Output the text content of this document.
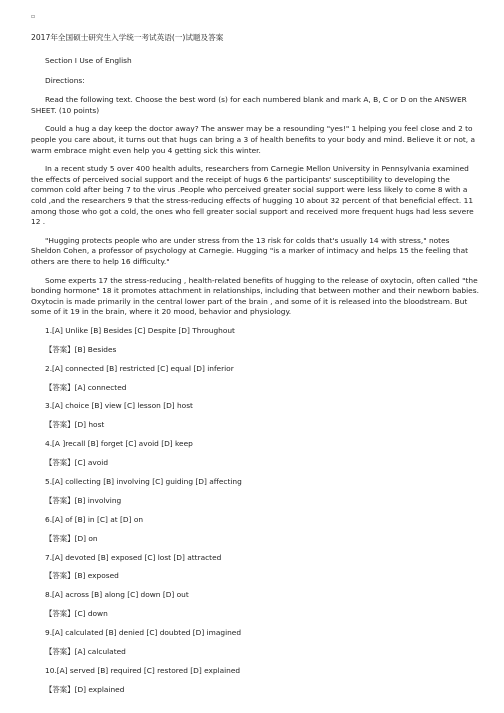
▫
2017年全国硕士研究生入学统一考试英语(一)试题及答案
Section I Use of English
Directions:
Read the following text. Choose the best word (s) for each numbered blank and mark A, B, C or D on the ANSWER SHEET. (10 points)
Could a hug a day keep the doctor away? The answer may be a resounding "yes!" 1 helping you feel close and 2 to people you care about, it turns out that hugs can bring a 3 of health benefits to your body and mind. Believe it or not, a warm embrace might even help you 4 getting sick this winter.
In a recent study 5 over 400 health adults, researchers from Carnegie Mellon University in Pennsylvania examined the effects of perceived social support and the receipt of hugs 6 the participants' susceptibility to developing the common cold after being 7 to the virus .People who perceived greater social support were less likely to come 8 with a cold ,and the researchers 9 that the stress-reducing effects of hugging 10 about 32 percent of that beneficial effect. 11 among those who got a cold, the ones who fell greater social support and received more frequent hugs had less severe 12 .
"Hugging protects people who are under stress from the 13 risk for colds that's usually 14 with stress," notes Sheldon Cohen, a professor of psychology at Carnegie. Hugging "is a marker of intimacy and helps 15 the feeling that others are there to help 16 difficulty."
Some experts 17 the stress-reducing , health-related benefits of hugging to the release of oxytocin, often called "the bonding hormone" 18 it promotes attachment in relationships, including that between mother and their newborn babies. Oxytocin is made primarily in the central lower part of the brain , and some of it is released into the bloodstream. But some of it 19 in the brain, where it 20 mood, behavior and physiology.
1.[A] Unlike [B] Besides [C] Despite [D] Throughout
【答案】[B] Besides
2.[A] connected [B] restricted [C] equal [D] inferior
【答案】[A] connected
3.[A] choice [B] view [C] lesson [D] host
【答案】[D] host
4.[A ]recall [B] forget [C] avoid [D] keep
【答案】[C] avoid
5.[A] collecting [B] involving [C] guiding [D] affecting
【答案】[B] involving
6.[A] of [B] in [C] at [D] on
【答案】[D] on
7.[A] devoted [B] exposed [C] lost [D] attracted
【答案】[B] exposed
8.[A] across [B] along [C] down [D] out
【答案】[C] down
9.[A] calculated [B] denied [C] doubted [D] imagined
【答案】[A] calculated
10.[A] served [B] required [C] restored [D] explained
【答案】[D] explained
